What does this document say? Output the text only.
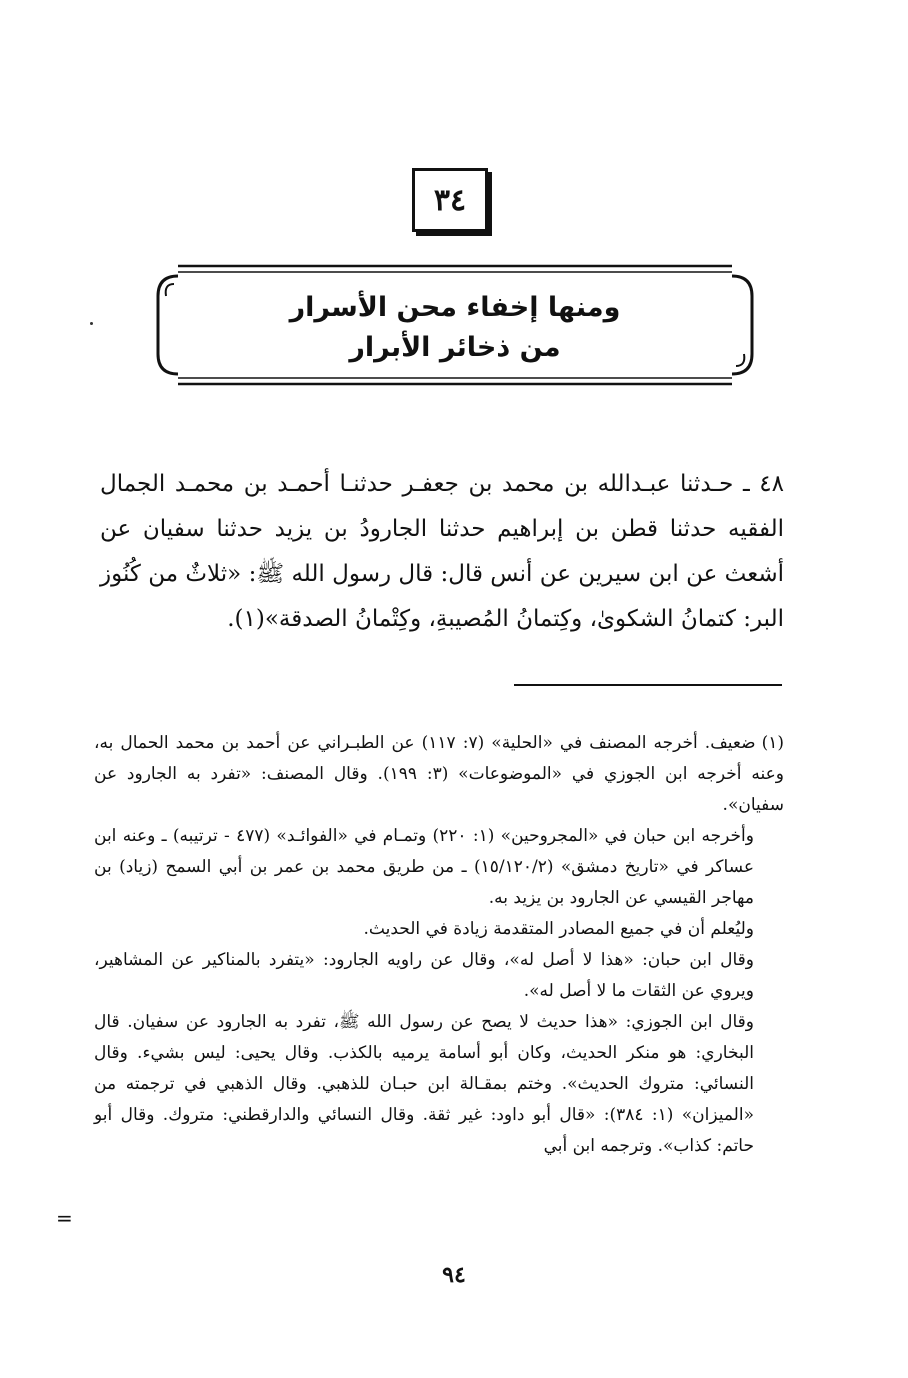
٣٤
ومنها إخفاء محن الأسرار
من ذخائر الأبرار
٤٨ ـ حـدثنا عبـدالله بن محمد بن جعفـر حدثنـا أحمـد بن محمـد الجمال الفقيه حدثنا قطن بن إبراهيم حدثنا الجارودُ بن يزيد حدثنا سفيان عن أشعث عن ابن سيرين عن أنس قال: قال رسول الله ﷺ: «ثلاثٌ من كُنُوز البر: كتمانُ الشكوىٰ، وكِتمانُ المُصيبةِ، وكِتْمانُ الصدقة»(١).

(١)ضعيف. أخرجه المصنف في «الحلية» (٧: ١١٧) عن الطبـراني عن أحمد بن محمد الحمال به، وعنه أخرجه ابن الجوزي في «الموضوعات» (٣: ١٩٩). وقال المصنف: «تفرد به الجارود عن سفيان».

وأخرجه ابن حبان في «المجروحين» (١: ٢٢٠) وتمـام في «الفوائـد» (٤٧٧ - ترتيبه) ـ وعنه ابن عساكر في «تاريخ دمشق» (١٥/١٢٠/٢) ـ من طريق محمد بن عمر بن أبي السمح (زياد) بن مهاجر القيسي عن الجارود بن يزيد به.

وليُعلم أن في جميع المصادر المتقدمة زيادة في الحديث.

وقال ابن حبان: «هذا لا أصل له»، وقال عن راويه الجارود: «يتفرد بالمناكير عن المشاهير، ويروي عن الثقات ما لا أصل له».

وقال ابن الجوزي: «هذا حديث لا يصح عن رسول الله ﷺ، تفرد به الجارود عن سفيان. قال البخاري: هو منكر الحديث، وكان أبو أسامة يرميه بالكذب. وقال يحيى: ليس بشيء. وقال النسائي: متروك الحديث». وختم بمقـالة ابن حبـان للذهبي. وقال الذهبي في ترجمته من «الميزان» (١: ٣٨٤): «قال أبو داود: غير ثقة. وقال النسائي والدارقطني: متروك. وقال أبو حاتم: كذاب». وترجمه ابن أبي

=
٩٤
